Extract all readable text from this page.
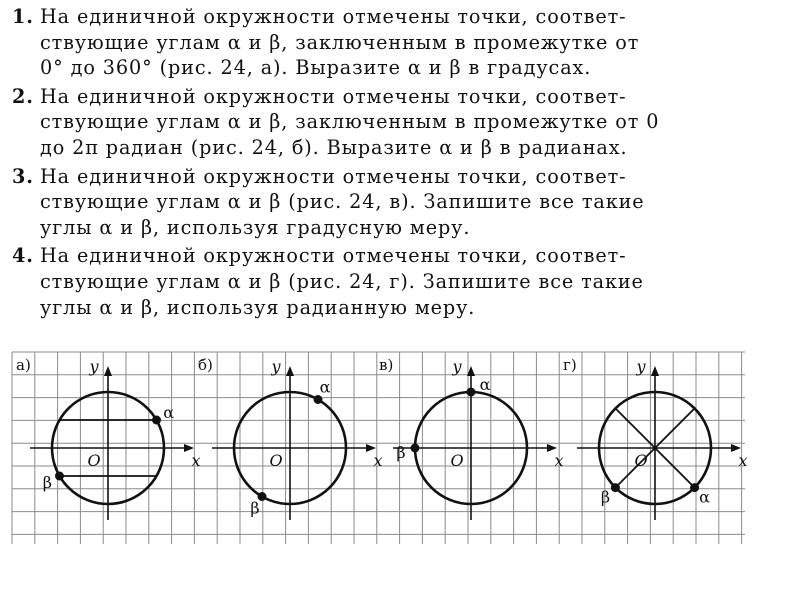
1. На единичной окружности отмечены точки, соответ-
ствующие углам α и β, заключенным в промежутке от
0° до 360° (рис. 24, а). Выразите α и β в градусах.
2. На единичной окружности отмечены точки, соответ-
ствующие углам α и β, заключенным в промежутке от 0
до 2π радиан (рис. 24, б). Выразите α и β в радианах.
3. На единичной окружности отмечены точки, соответ-
ствующие углам α и β (рис. 24, в). Запишите все такие
углы α и β, используя градусную меру.
4. На единичной окружности отмечены точки, соответ-
ствующие углам α и β (рис. 24, г). Запишите все такие
углы α и β, используя радианную меру.
α
β
y
x
O
а)
α
β
y
x
O
б)
α
β
y
x
O
в)
α
β
y
x
O
г)
